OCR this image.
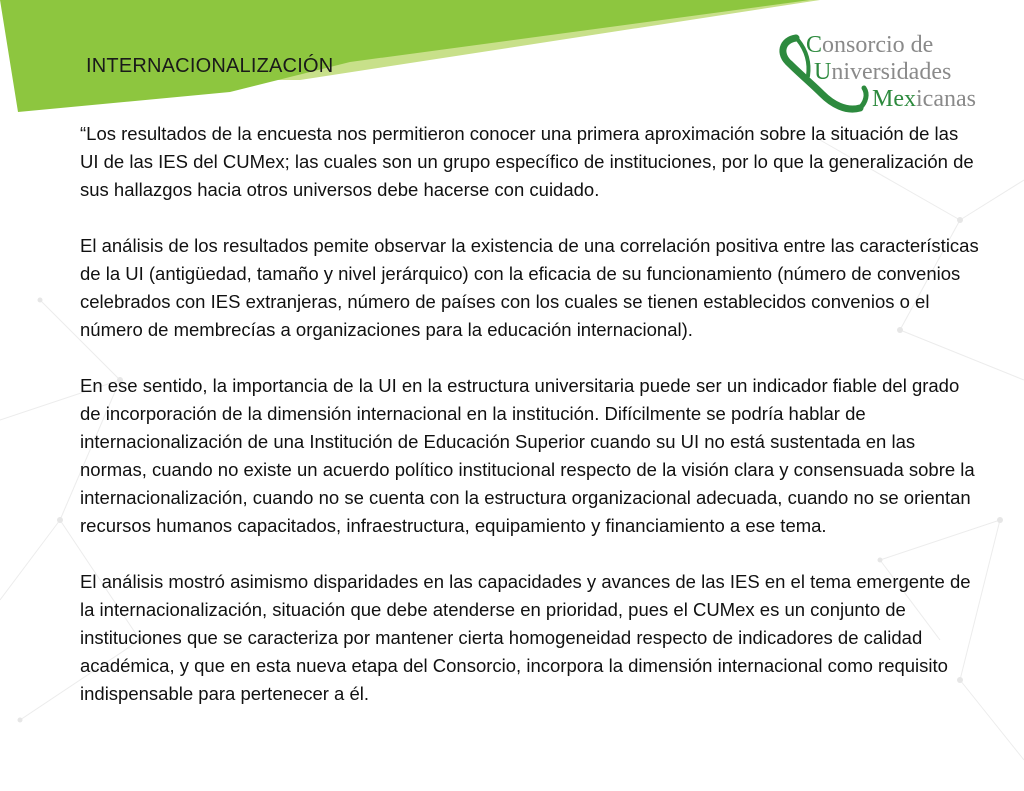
INTERNACIONALIZACIÓN
Consorcio de
Universidades
Mexicanas

“Los resultados de la encuesta nos permitieron conocer una primera aproximación sobre la situación de las UI de las IES del CUMex; las cuales son un grupo específico de instituciones, por lo que la generalización de sus hallazgos hacia otros universos debe hacerse con cuidado.

El análisis de los resultados pemite observar la existencia de una correlación positiva entre las características de la UI (antigüedad, tamaño y nivel jerárquico) con la eficacia de su funcionamiento (número de convenios celebrados con IES extranjeras, número de países con los cuales se tienen establecidos convenios o el número de membrecías a organizaciones para la educación internacional).

En ese sentido, la importancia de la UI en la estructura universitaria puede ser un indicador fiable del grado de incorporación de la dimensión internacional en la institución. Difícilmente se podría hablar de internacionalización de una Institución de Educación Superior cuando su UI no está sustentada en las normas, cuando no existe un acuerdo político institucional respecto de la visión clara y consensuada sobre la internacionalización, cuando no se cuenta con la estructura organizacional adecuada, cuando no se orientan recursos humanos capacitados, infraestructura, equipamiento y financiamiento a ese tema.

El análisis mostró asimismo disparidades en las capacidades y avances de las IES en el tema emergente de la internacionalización, situación que debe atenderse en prioridad, pues el CUMex es un conjunto de instituciones que se caracteriza por mantener cierta homogeneidad respecto de indicadores de calidad académica, y que en esta nueva etapa del Consorcio, incorpora la dimensión internacional como requisito indispensable para pertenecer a él.
